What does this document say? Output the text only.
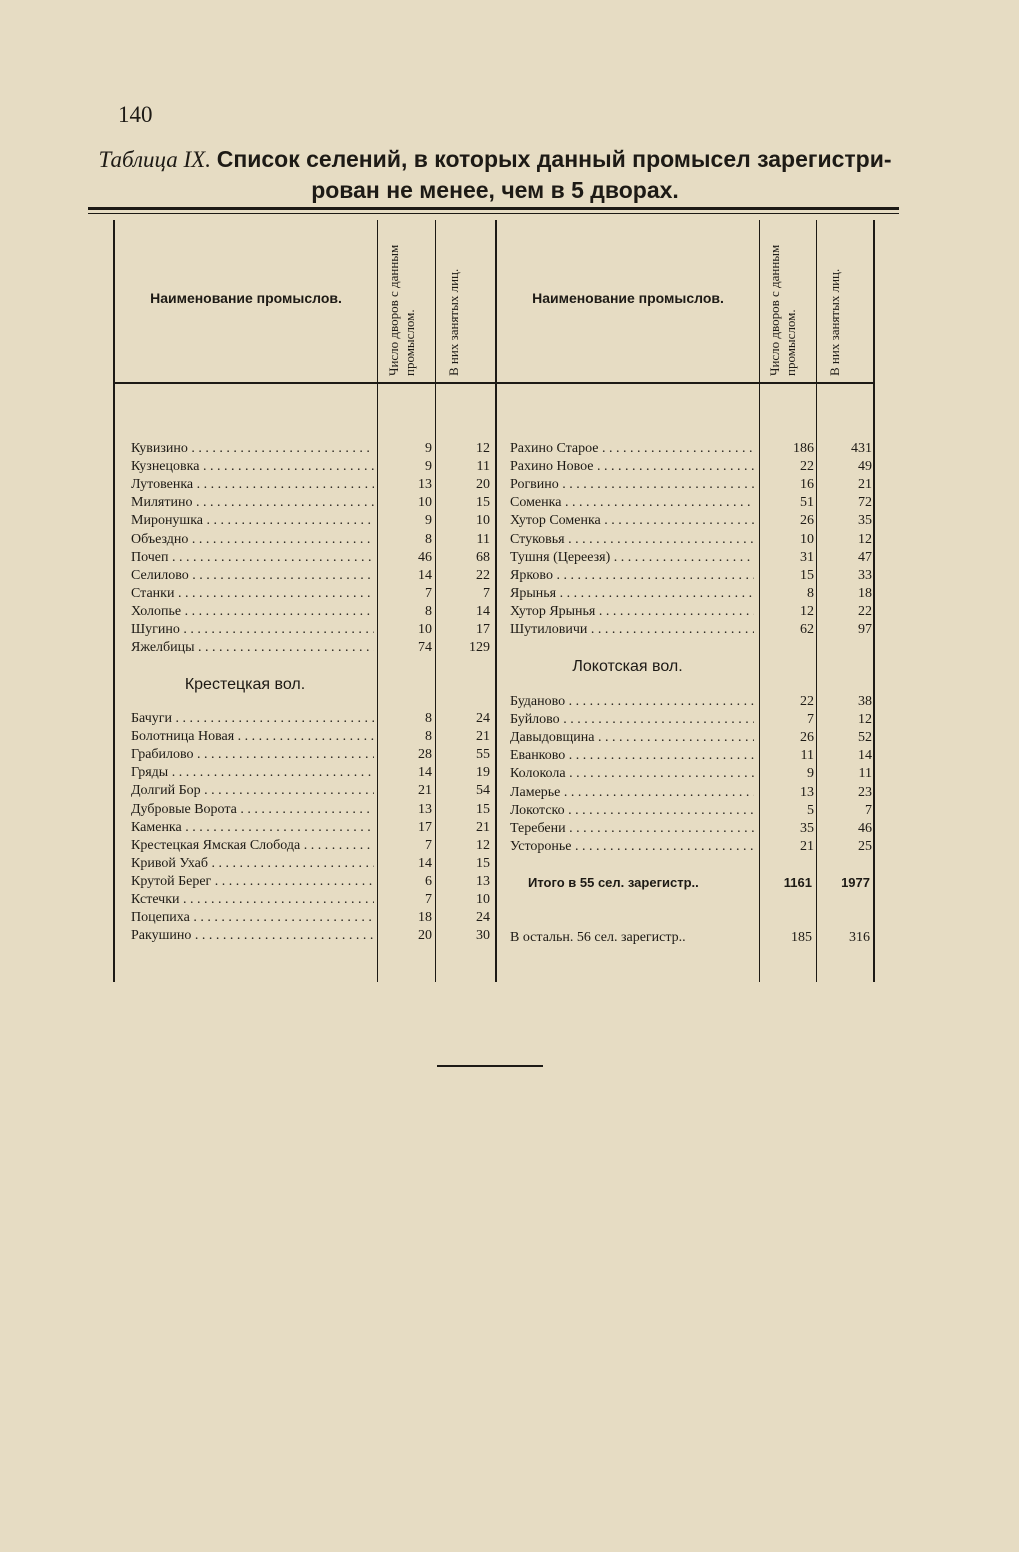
140
Таблица IX. Список селений, в которых данный промысел зарегистри-
рован не менее, чем в 5 дворах.
Наименование промыслов.	Число дворов с данным промыслом.	В них занятых лиц.	Наименование промыслов.	Число дворов с данным промыслом.	В них занятых лиц.
Кувизино . . .	9	12
Кузнецовка . . .	9	11
Лутовенка . . .	13	20
Милятино . . .	10	15
Миронушка . . .	9	10
Объездно . . .	8	11
Почеп . . .	46	68
Селилово . . .	14	22
Станки . . .	7	7
Холопье . . .	8	14
Шугино . . .	10	17
Яжелбицы . . .	74	129
Бачуги . . .	8	24
Болотница Новая . . .	8	21
Грабилово . . .	28	55
Гряды . . .	14	19
Долгий Бор . . .	21	54
Дубровые Ворота . . .	13	15
Каменка . . .	17	21
Крестецкая Ямская Слобода . . .	7	12
Кривой Ухаб . . .	14	15
Крутой Берег . . .	6	13
Кстечки . . .	7	10
Поцепиха . . .	18	24
Ракушино . . .	20	30
Рахино Старое . . .	186	431
Рахино Новое . . .	22	49
Рогвино . . .	16	21
Соменка . . .	51	72
Хутор Соменка . . .	26	35
Стуковья . . .	10	12
Тушня (Цереезя) . . .	31	47
Ярково . . .	15	33
Ярынья . . .	8	18
Хутор Ярынья . . .	12	22
Шутиловичи . . .	62	97
Буданово . . .	22	38
Буйлово . . .	7	12
Давыдовщина . . .	26	52
Еванково . . .	11	14
Колокола . . .	9	11
Ламерье . . .	13	23
Локотско . . .	5	7
Теребени . . .	35	46
Усторонье . . .	21	25
Крестецкая вол.
Локотская вол.
Итого в 55 сел. зарегистр..	1161	1977
В остальн. 56 сел. зарегистр..	185	316
